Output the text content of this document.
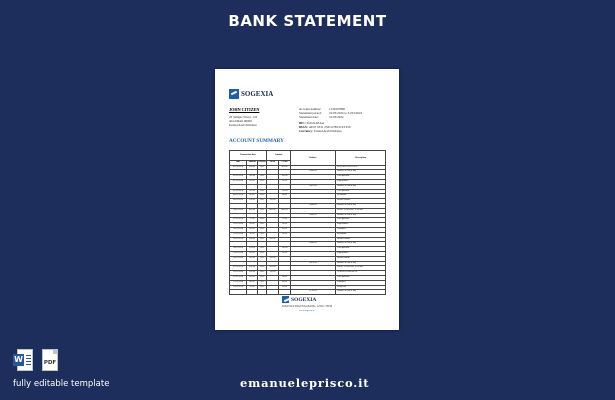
BANK STATEMENT
SOGEXIA
JOHN CITIZEN
20 Sample Street, 123
Abu Dhabi 00000
United Arab Emirates
Account number:	1234567890
Statement period:	01/03/2024 to 31/03/2024
Statement date:	31/03/2024
BIC:
SOGXAEAA
IBAN:
AE07 0331 2345 6789 0123 456
Currency:
United Arab Emirates
ACCOUNT SUMMARY
Transaction date			Amount		Balance	Description
Date	Amount	Currency	Debit	Credit		
01/03/2024	500.00	AED		500.00		OPENING BALANCE
					4,600.00	Balance at end of day
02/03/2024	100.00	AED		100.00		Card purchase
03/03/2024	85.00	AED		85.00		Supermarket
					4,415.00	Balance at end of day
05/03/2024	120.00	AED		120.00		Card purchase
06/03/2024	60.00	AED		60.00		Restaurant
08/03/2024	250.00	AED	250.00			Online transfer
					4,485.00	Balance at end of day
10/03/2024	400.00	AED	400.00	400.00		DIRECT DEPOSIT SALARY
					4,885.00	Balance at end of day
12/03/2024	75.00	AED		75.00		Card purchase
13/03/2024	90.00	AED		90.00		Supermarket
14/03/2024	45.00	AED		45.00		Transport
15/03/2024	30.00	AED		30.00		Restaurant
16/03/2024	500.00	AED	500.00			Online transfer
					4,645.00	Balance at end of day
18/03/2024	110.00	AED		110.00		Card purchase
19/03/2024	65.00	AED		65.00		Supermarket
20/03/2024	200.00	AED	200.00			Online transfer
					4,670.00	Balance at end of day
22/03/2024	300.00	AED	300.00			DIRECT DEPOSIT SALARY
23/03/2024	150.00	AED	150.00			ATM WITHDRAWAL
25/03/2024	80.00	AED		80.00		Card purchase
27/03/2024	40.00	AED		40.00		Transport
29/03/2024	55.00	AED		55.00		Utility bill
					4,730.00	Balance at end of day
SOGEXIA
SOGEXIA SOGEXIA BANK, 12345, 78910
www.sogexia.ae
W	PDF
fully editable template	emanueleprisco.it
